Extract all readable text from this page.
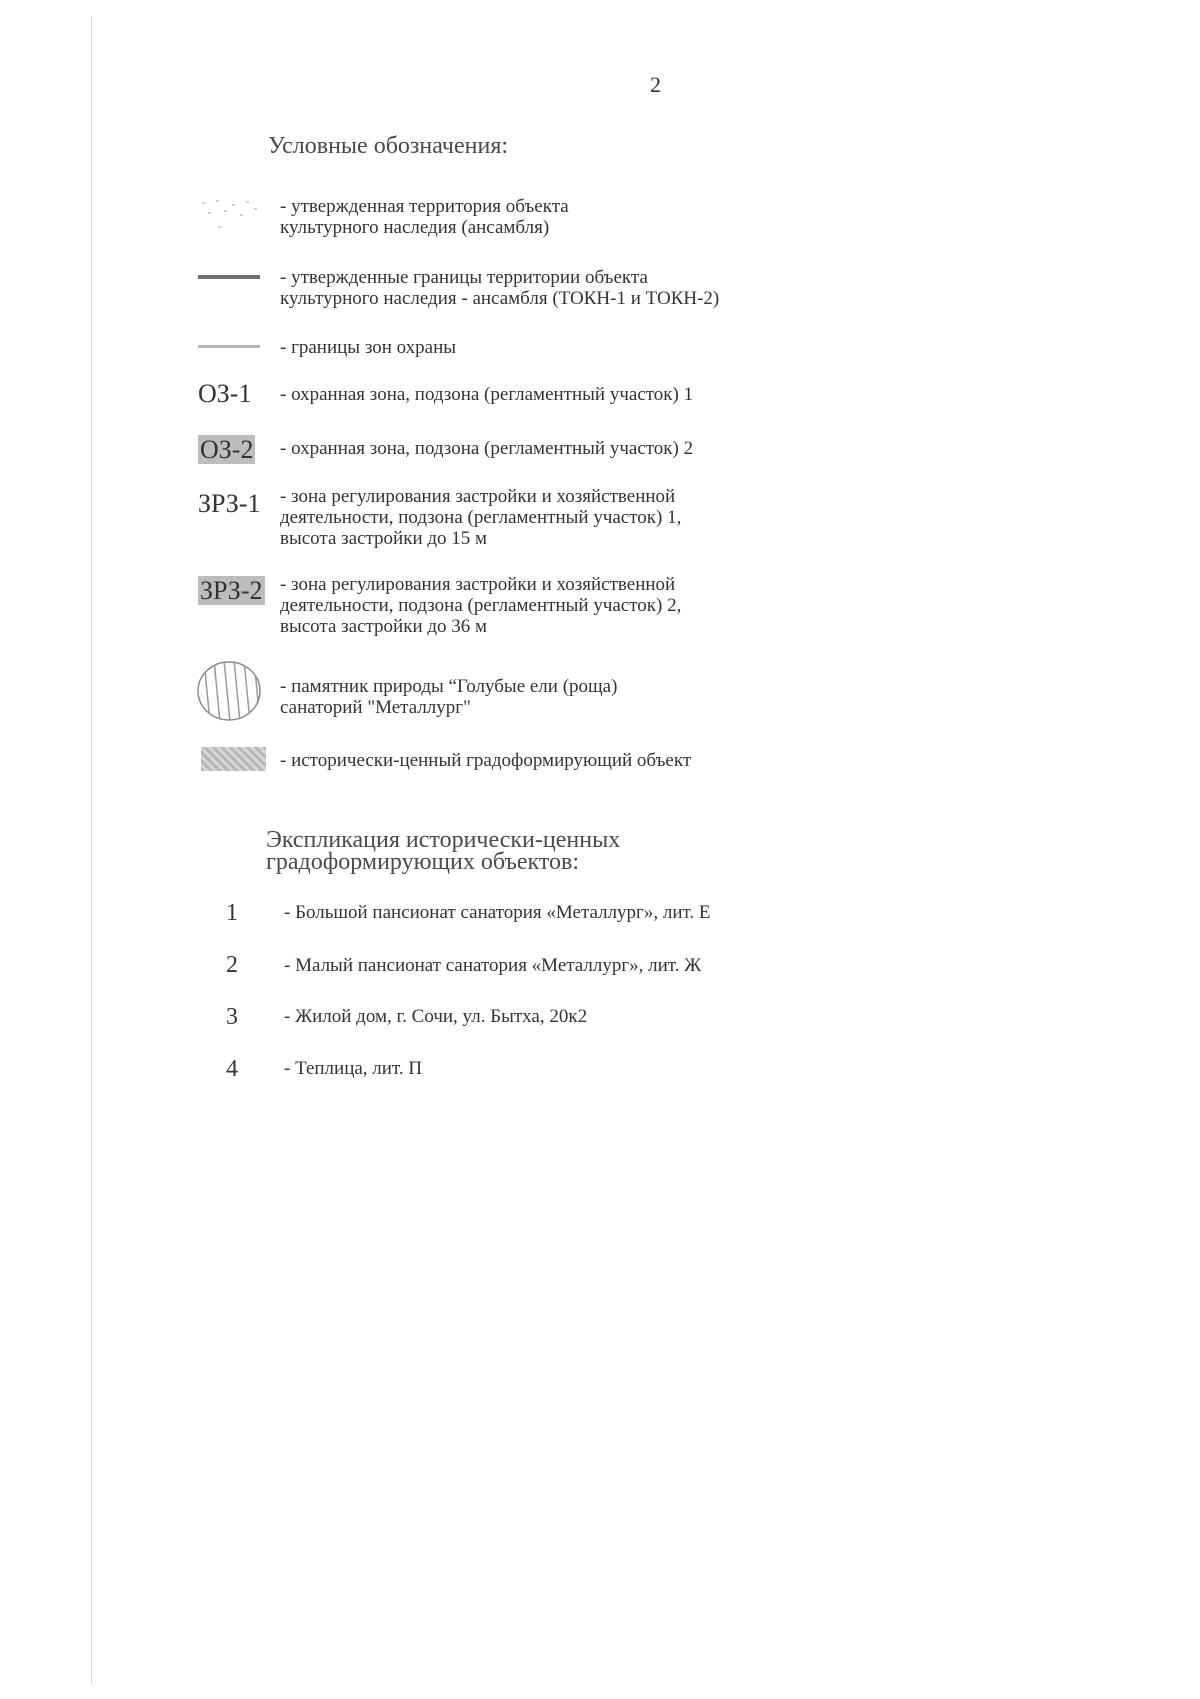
2
Условные обозначения:
- утвержденная территория объекта
культурного наследия (ансамбля)
- утвержденные границы территории объекта
культурного наследия - ансамбля (ТОКН-1 и ТОКН-2)
- границы зон охраны
ОЗ-1 - охранная зона, подзона (регламентный участок) 1
ОЗ-2 - охранная зона, подзона (регламентный участок) 2
ЗРЗ-1 - зона регулирования застройки и хозяйственной
деятельности, подзона (регламентный участок) 1,
высота застройки до 15 м
ЗРЗ-2 - зона регулирования застройки и хозяйственной
деятельности, подзона (регламентный участок) 2,
высота застройки до 36 м
- памятник природы “Голубые ели (роща)
санаторий "Металлург"
- исторически-ценный градоформирующий объект
Экспликация исторически-ценных
градоформирующих объектов:
1 - Большой пансионат санатория «Металлург», лит. Е
2 - Малый пансионат санатория «Металлург», лит. Ж
3 - Жилой дом, г. Сочи, ул. Бытха, 20к2
4 - Теплица, лит. П
